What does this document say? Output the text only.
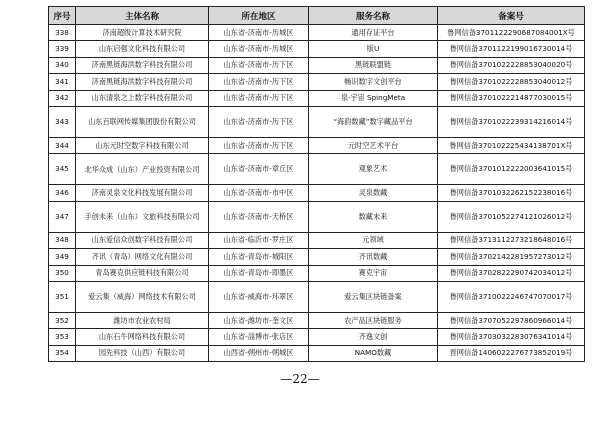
序号	主体名称	所在地区	服务名称	备案号
338	济南超级计算技术研究院	山东省-济南市-历城区	通用存证平台	鲁网信备37011222906870840​01X号
339	山东启强文化科技有限公司	山东省-济南市-历城区	版U	鲁网信备37011221990167300​14号
340	济南黑链海洪数字科技有限公司	山东省-济南市-历下区	黑链联盟链	鲁网信备37010222288530400​20号
341	济南黑链海洪数字科技有限公司	山东省-济南市-历下区	畅识数字文创平台	鲁网信备37010222288530400​12号
342	山东清泉之上数字科技有限公司	山东省-济南市-历下区	泉·宇宙 SpingMeta	鲁网信备37010222148770300​15号
343	山东百联网传媒集团股份有限公司	山东省-济南市-历下区	“海韵数藏”数字藏品平台	鲁网信备37010222393142160​14号
344	山东元时空数字科技有限公司	山东省-济南市-历下区	元时空艺术平台	鲁网信备37010222543413870​1X号
345	北华众成（山东）产业投资有限公司	山东省-济南市-章丘区	观象艺术	鲁网信备37010122220036410​15号
346	济南灵泉文化科技发展有限公司	山东省-济南市-市中区	灵泉数藏	鲁网信备37010322621522380​16号
347	手创未来（山东）文旅科技有限公司	山东省-济南市-天桥区	数藏未来	鲁网信备37010522741210260​12号
348	山东爱信众创数字科技有限公司	山东省-临沂市-罗庄区	元领域	鲁网信备37131122732186480​16号
349	齐讯（青岛）网络文化有限公司	山东省-青岛市-城阳区	齐讯数藏	鲁网信备37021422819572730​12号
350	青岛赛克供应链科技有限公司	山东省-青岛市-即墨区	赛克宇宙	鲁网信备37028222907420340​12号
351	爱云集（威海）网络技术有限公司	山东省-威海市-环翠区	爱云集区块链备案	鲁网信备37100222467470700​17号
352	潍坊市农业农村局	山东省-潍坊市-奎文区	农产品区块链服务	鲁网信备37070522978609660​14号
353	山东石牛网络科技有限公司	山东省-淄博市-张店区	齐逸文创	鲁网信备37030322830763410​14号
354	园先科技（山西）有限公司	山西省-朔州市-朔城区	NAMO数藏	晋网信备14060222767738520​19号
—22—
